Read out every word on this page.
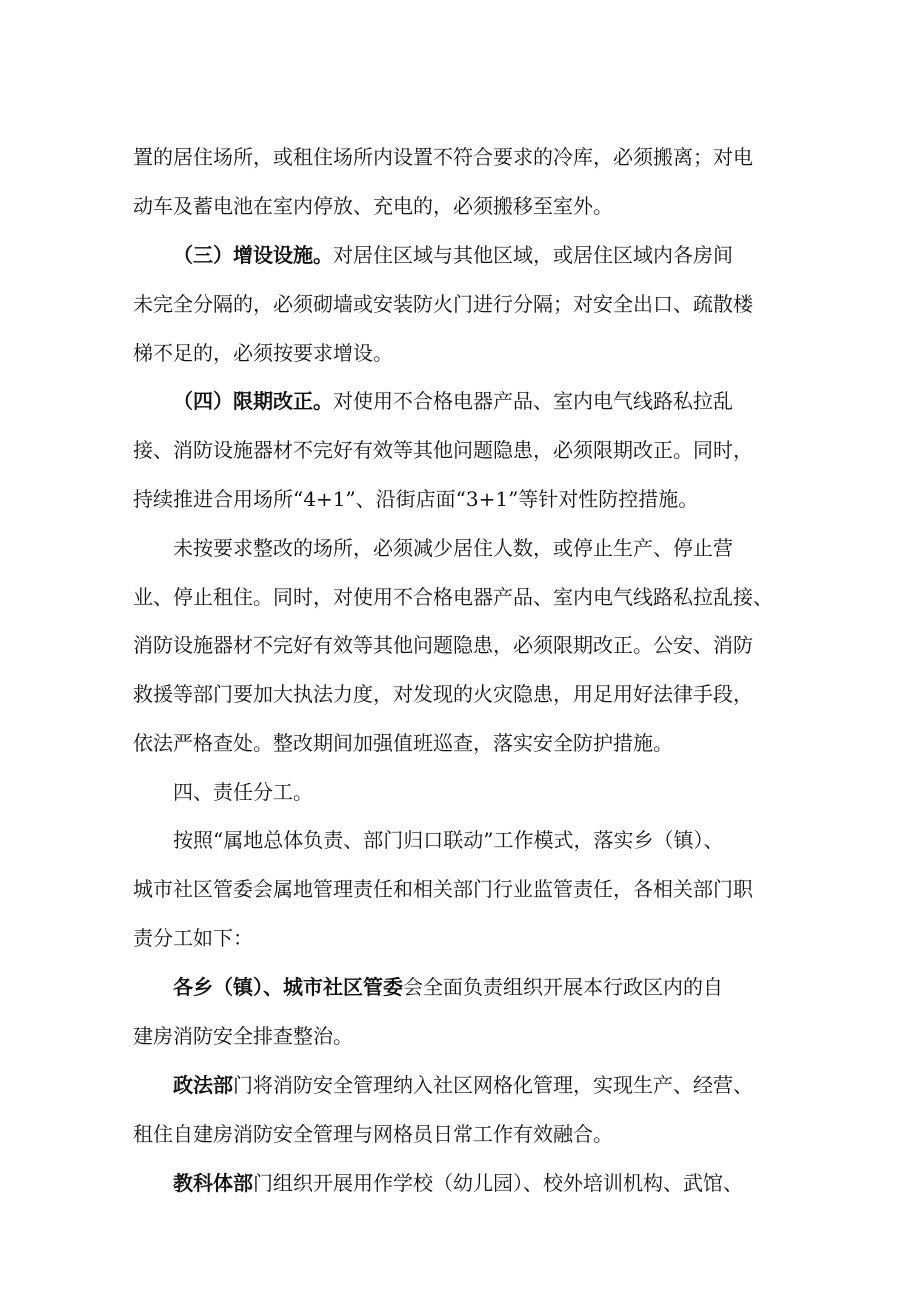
置的居住场所，或租住场所内设置不符合要求的冷库，必须搬离；对电
动车及蓄电池在室内停放、充电的，必须搬移至室外。
（三）增设设施。对居住区域与其他区域，或居住区域内各房间
未完全分隔的，必须砌墙或安装防火门进行分隔；对安全出口、疏散楼
梯不足的，必须按要求增设。
（四）限期改正。对使用不合格电器产品、室内电气线路私拉乱
接、消防设施器材不完好有效等其他问题隐患，必须限期改正。同时，
持续推进合用场所“4+1”、沿街店面“3+1”等针对性防控措施。
未按要求整改的场所，必须减少居住人数，或停止生产、停止营
业、停止租住。同时，对使用不合格电器产品、室内电气线路私拉乱接、
消防设施器材不完好有效等其他问题隐患，必须限期改正。公安、消防
救援等部门要加大执法力度，对发现的火灾隐患，用足用好法律手段，
依法严格查处。整改期间加强值班巡查，落实安全防护措施。
四、责任分工。
按照“属地总体负责、部门归口联动”工作模式，落实乡（镇）、
城市社区管委会属地管理责任和相关部门行业监管责任，各相关部门职
责分工如下：
各乡（镇）、城市社区管委会全面负责组织开展本行政区内的自
建房消防安全排查整治。
政法部门将消防安全管理纳入社区网格化管理，实现生产、经营、
租住自建房消防安全管理与网格员日常工作有效融合。
教科体部门组织开展用作学校（幼儿园）、校外培训机构、武馆、
